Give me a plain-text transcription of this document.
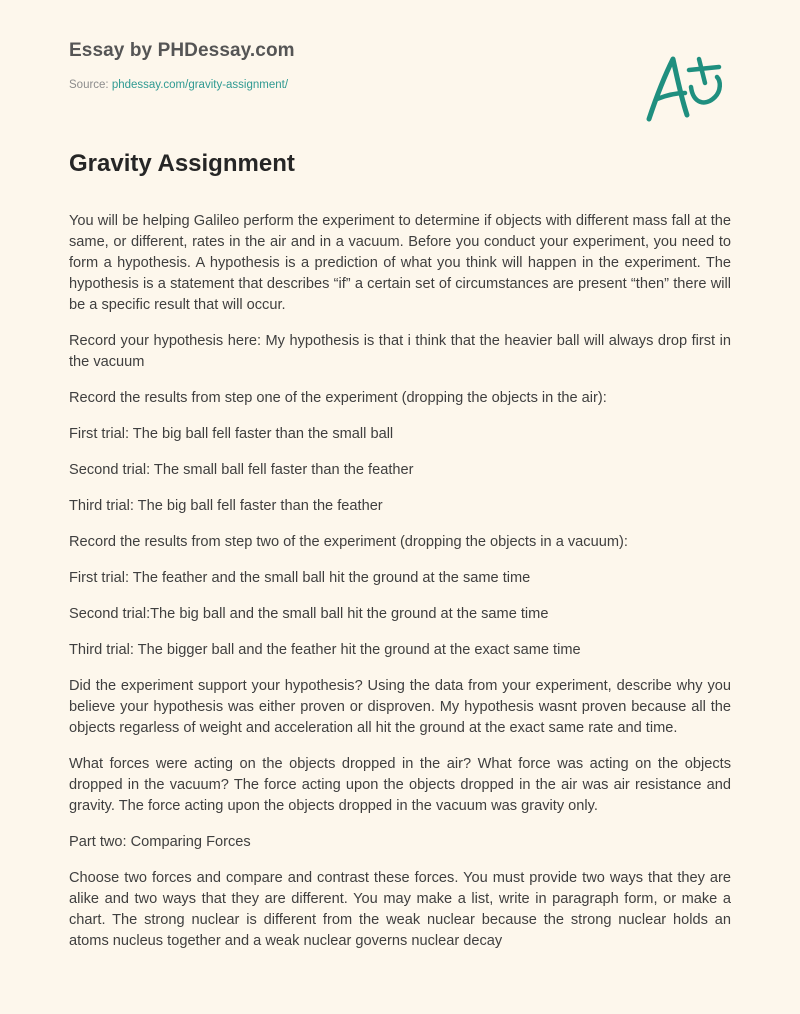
Essay by PHDessay.com
Source: phdessay.com/gravity-assignment/
Gravity Assignment

You will be helping Galileo perform the experiment to determine if objects with different mass fall at the same, or different, rates in the air and in a vacuum. Before you conduct your experiment, you need to form a hypothesis. A hypothesis is a prediction of what you think will happen in the experiment. The hypothesis is a statement that describes “if” a certain set of circumstances are present “then” there will be a specific result that will occur.

Record your hypothesis here: My hypothesis is that i think that the heavier ball will always drop first in the vacuum

Record the results from step one of the experiment (dropping the objects in the air):

First trial: The big ball fell faster than the small ball

Second trial: The small ball fell faster than the feather

Third trial: The big ball fell faster than the feather

Record the results from step two of the experiment (dropping the objects in a vacuum):

First trial: The feather and the small ball hit the ground at the same time

Second trial:The big ball and the small ball hit the ground at the same time

Third trial: The bigger ball and the feather hit the ground at the exact same time

Did the experiment support your hypothesis? Using the data from your experiment, describe why you believe your hypothesis was either proven or disproven. My hypothesis wasnt proven because all the objects regarless of weight and acceleration all hit the ground at the exact same rate and time.

What forces were acting on the objects dropped in the air? What force was acting on the objects dropped in the vacuum? The force acting upon the objects dropped in the air was air resistance and gravity. The force acting upon the objects dropped in the vacuum was gravity only.

Part two: Comparing Forces

Choose two forces and compare and contrast these forces. You must provide two ways that they are alike and two ways that they are different. You may make a list, write in paragraph form, or make a chart. The strong nuclear is different from the weak nuclear because the strong nuclear holds an atoms nucleus together and a weak nuclear governs nuclear decay
